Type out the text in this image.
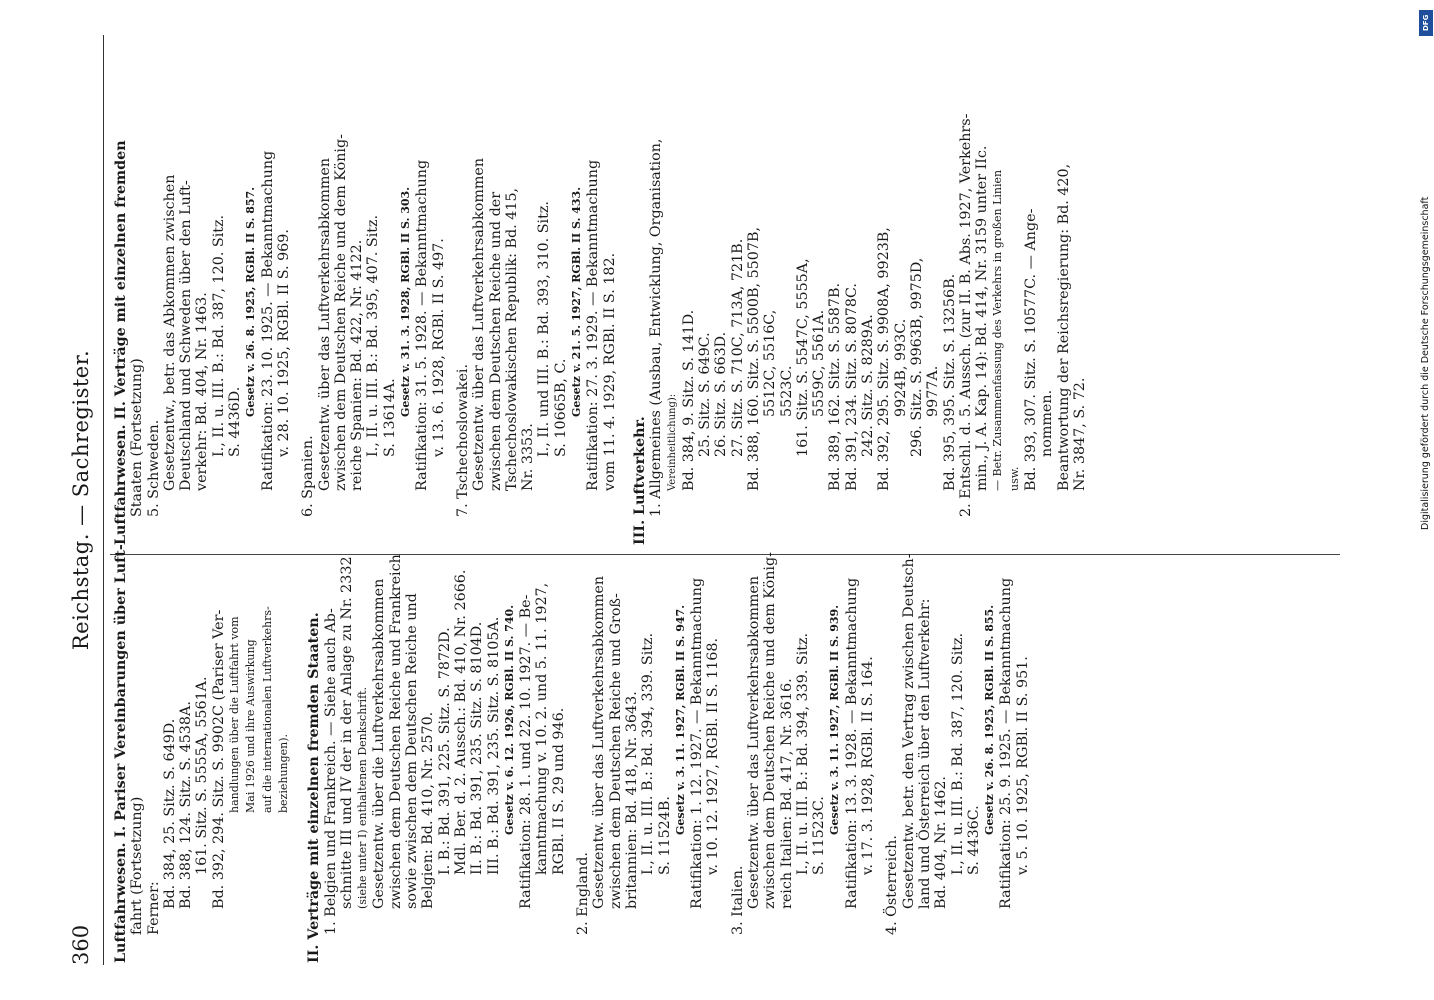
360
Reichstag. — Sachregister.
Luftfahrwesen. I. Pariser Vereinbarungen über Luft- fahrt (Fortsetzung) Ferner: Bd. 384, 25. Sitz. S. 649D. Bd. 388, 124. Sitz. S. 4538A. 161. Sitz. S. 5555A, 5561A. Bd. 392, 294. Sitz. S. 9902C (Pariser Ver- handlungen über die Luftfahrt vom Mai 1926 und ihre Auswirkung auf die internationalen Luftverkehrs- beziehungen). II. Verträge mit einzelnen fremden Staaten. 1. Belgien und Frankreich. — Siehe auch Ab- schnitte III und IV der in der Anlage zu Nr. 2332 (siehe unter I) enthaltenen Denkschrift. Gesetzentw. über die Luftverkehrsabkommen zwischen dem Deutschen Reiche und Frankreich sowie zwischen dem Deutschen Reiche und Belgien: Bd. 410, Nr. 2570. I. B.: Bd. 391, 225. Sitz. S. 7872D. Mdl. Ber. d. 2. Aussch.: Bd. 410, Nr. 2666. II. B.: Bd. 391, 235. Sitz. S. 8104D. III. B.: Bd. 391, 235. Sitz. S. 8105A. Gesetz v. 6. 12. 1926, RGBl. II S. 740. Ratifikation: 28. 1. und 22. 10. 1927. — Be- kanntmachung v. 10. 2. und 5. 11. 1927, RGBl. II S. 29 und 946.
2. England. Gesetzentw. über das Luftverkehrsabkommen zwischen dem Deutschen Reiche und Groß- britannien: Bd. 418, Nr. 3643. I., II. u. III. B.: Bd. 394, 339. Sitz. S. 11524B.
Gesetz v. 3. 11. 1927, RGBl. II S. 947. Ratifikation: 1. 12. 1927. — Bekanntmachung v. 10. 12. 1927, RGBl. II S. 1168.
3. Italien. Gesetzentw. über das Luftverkehrsabkommen zwischen dem Deutschen Reiche und dem König- reich Italien: Bd. 417, Nr. 3616. I., II. u. III. B.: Bd. 394, 339. Sitz. S. 11523C.
Gesetz v. 3. 11. 1927, RGBl. II S. 939. Ratifikation: 13. 3. 1928. — Bekanntmachung v. 17. 3. 1928, RGBl. II S. 164.
4. Österreich. Gesetzentw. betr. den Vertrag zwischen Deutsch- land und Österreich über den Luftverkehr: Bd. 404, Nr. 1462. I., II. u. III. B.: Bd. 387, 120. Sitz. S. 4436C.
Gesetz v. 26. 8. 1925, RGBl. II S. 855. Ratifikation: 25. 9. 1925. — Bekanntmachung v. 5. 10. 1925, RGBl. II S. 951.
Luftfahrwesen. II. Verträge mit einzelnen fremden Staaten (Fortsetzung) 5. Schweden. Gesetzentw., betr. das Abkommen zwischen Deutschland und Schweden über den Luft- verkehr: Bd. 404, Nr. 1463. I., II. u. III. B.: Bd. 387, 120. Sitz. S. 4436D.
Gesetz v. 26. 8. 1925, RGBl. II S. 857. Ratifikation: 23. 10. 1925. — Bekanntmachung v. 28. 10. 1925, RGBl. II S. 969.
6. Spanien. Gesetzentw. über das Luftverkehrsabkommen zwischen dem Deutschen Reiche und dem König- reiche Spanien: Bd. 422, Nr. 4122. I., II. u. III. B.: Bd. 395, 407. Sitz. S. 13614A.
Gesetz v. 31. 3. 1928, RGBl. II S. 303. Ratifikation: 31. 5. 1928. — Bekanntmachung v. 13. 6. 1928, RGBl. II S. 497. 7. Tschechoslowakei. Gesetzentw. über das Luftverkehrsabkommen zwischen dem Deutschen Reiche und der Tschechoslowakischen Republik: Bd. 415, Nr. 3353.
I., II. und III. B.: Bd. 393, 310. Sitz. S. 10665B, C. Gesetz v. 21. 5. 1927, RGBl. II S. 433. Ratifikation: 27. 3. 1929. — Bekanntmachung vom 11. 4. 1929, RGBl. II S. 182. III. Luftverkehr. 1. Allgemeines (Ausbau, Entwicklung, Organisation, Vereinheitlichung): Bd. 384, 9. Sitz. S. 141D. 25. Sitz. S. 649C. 26. Sitz. S. 663D. 27. Sitz. S. 710C, 713A, 721B. Bd. 388, 160. Sitz. S. 5500B, 5507B, 5512C, 5516C, 5523C. 161. Sitz. S. 5547C, 5555A, 5559C, 5561A. Bd. 389, 162. Sitz. S. 5587B. Bd. 391, 234. Sitz. S. 8078C. 242. Sitz. S. 8289A. Bd. 392, 295. Sitz. S. 9908A, 9923B, 9924B, 993C. 296. Sitz. S. 9963B, 9975D, 9977A. Bd. 395, 395. Sitz. S. 13256B. 2. Entschl. d. 5. Aussch. (zur II. B. Abs. 1927, Verkehrs- min., J. A. Kap. 14): Bd. 414, Nr. 3159 unter IIc. — Betr. Zusammenfassung des Verkehrs in großen Linien usw. Bd. 393, 307. Sitz. S. 10577C. — Ange- nommen. Beantwortung der Reichsregierung: Bd. 420, Nr. 3847, S. 72.	Digitalisierung gefördert durch die Deutsche Forschungsgemeinschaft
DFG
